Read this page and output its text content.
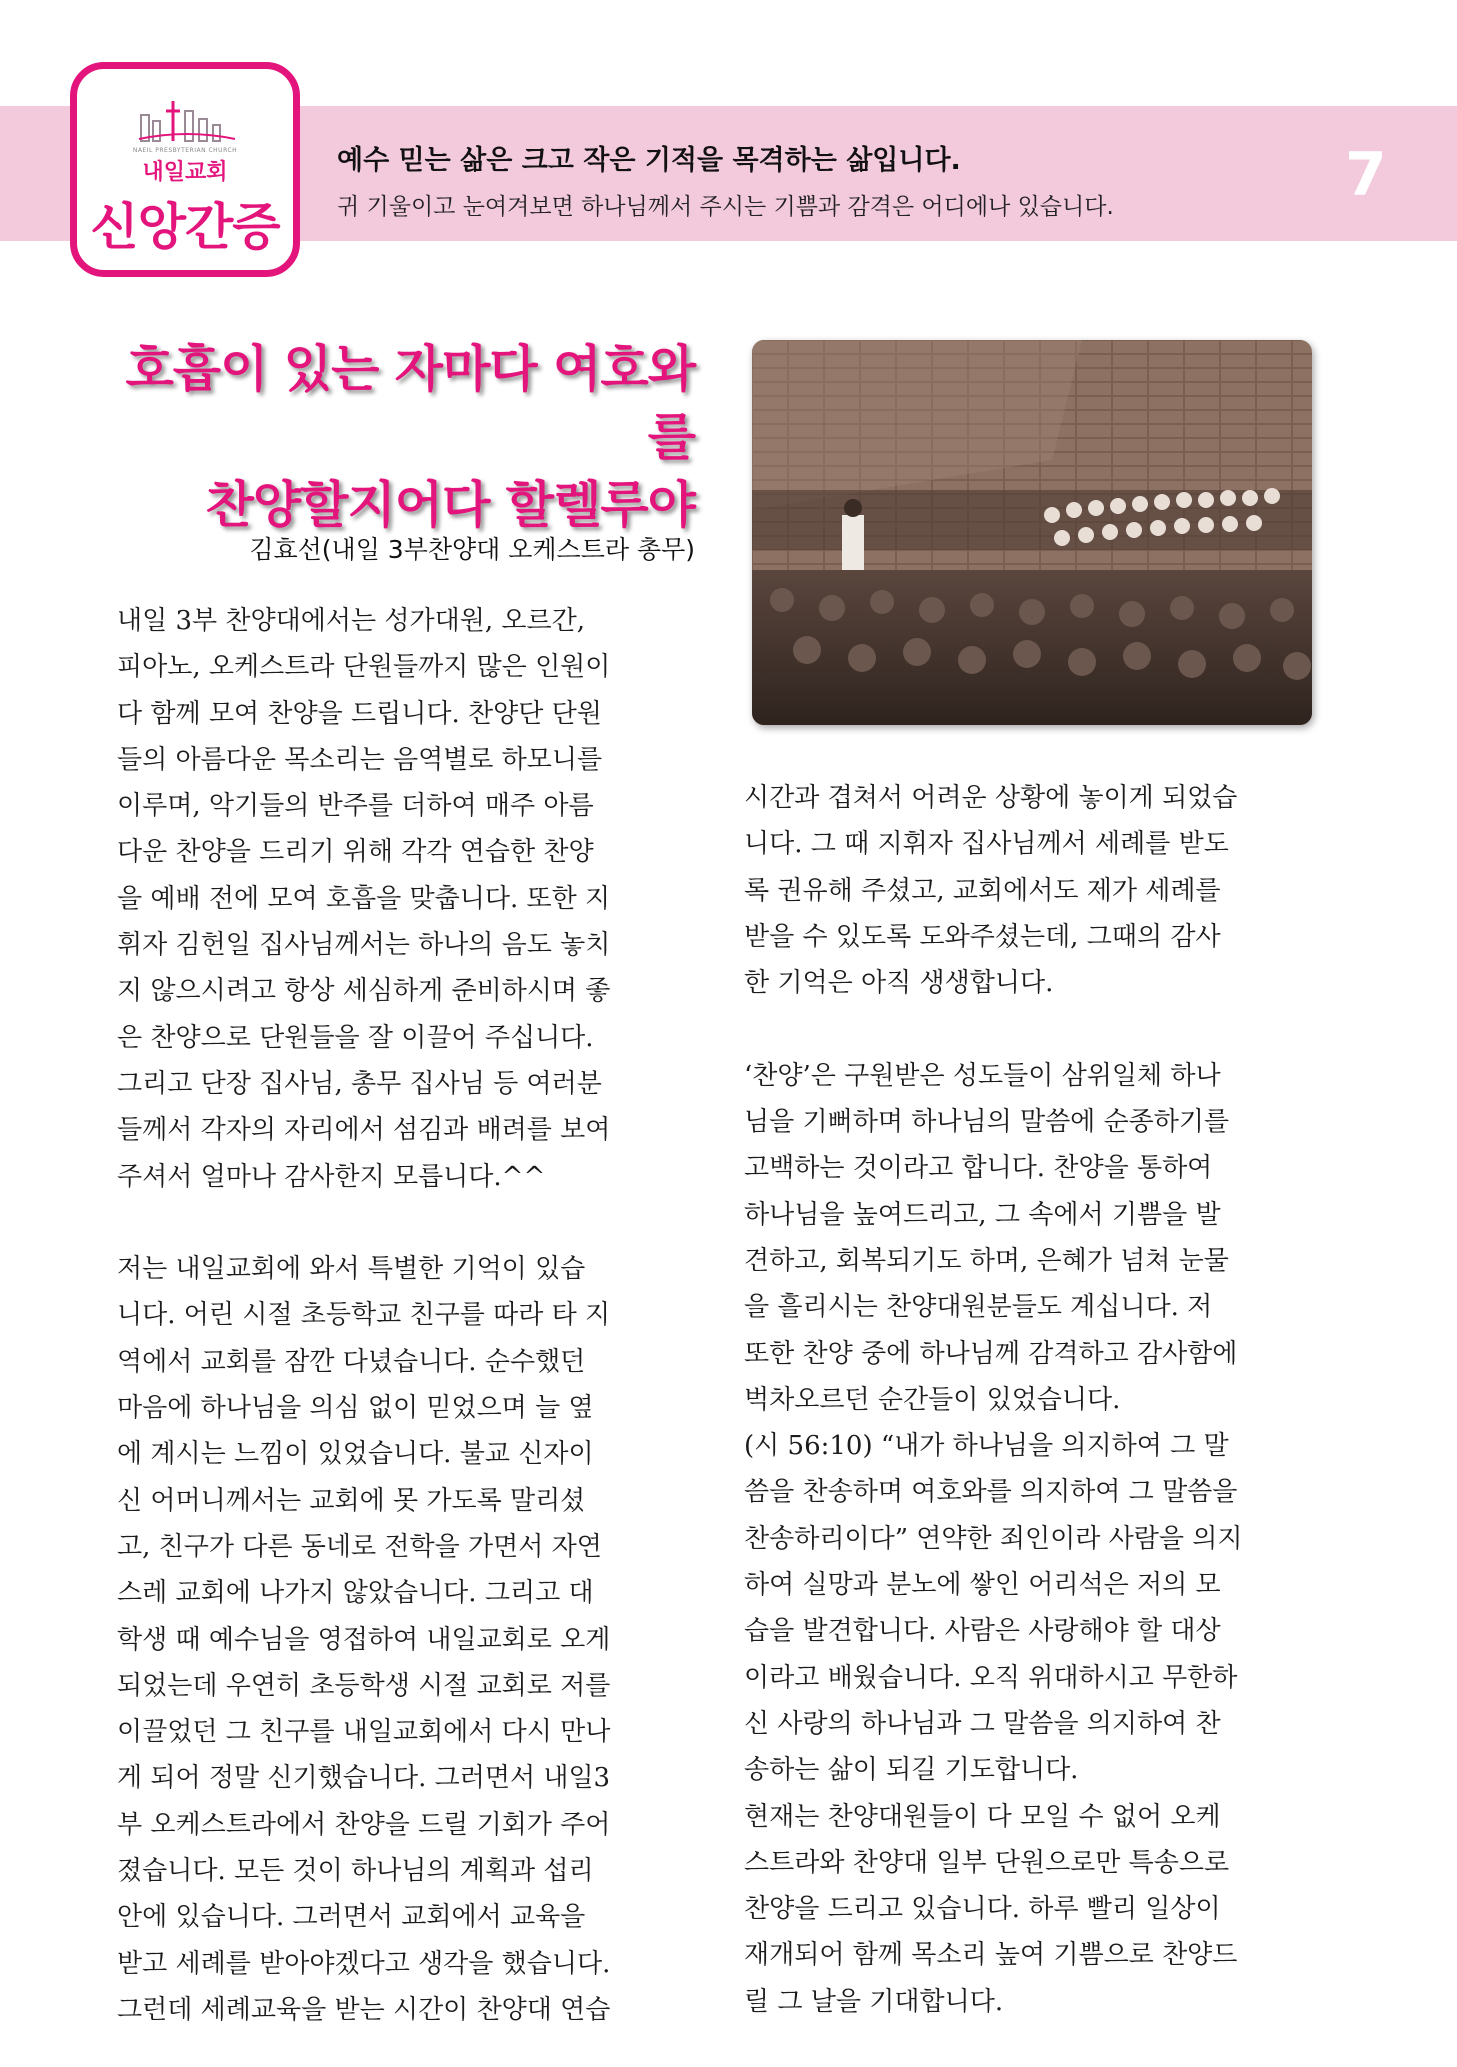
NAEIL PRESBYTERIAN CHURCH
내일교회
신앙간증
예수 믿는 삶은 크고 작은 기적을 목격하는 삶입니다.
귀 기울이고 눈여겨보면 하나님께서 주시는 기쁨과 감격은 어디에나 있습니다.	7
호흡이 있는 자마다 여호와를
찬양할지어다 할렐루야
김효선(내일 3부찬양대 오케스트라 총무)
내일 3부 찬양대에서는 성가대원, 오르간,
피아노, 오케스트라 단원들까지 많은 인원이
다 함께 모여 찬양을 드립니다. 찬양단 단원
들의 아름다운 목소리는 음역별로 하모니를
이루며, 악기들의 반주를 더하여 매주 아름
다운 찬양을 드리기 위해 각각 연습한 찬양
을 예배 전에 모여 호흡을 맞춥니다. 또한 지
휘자 김헌일 집사님께서는 하나의 음도 놓치
지 않으시려고 항상 세심하게 준비하시며 좋
은 찬양으로 단원들을 잘 이끌어 주십니다.
그리고 단장 집사님, 총무 집사님 등 여러분
들께서 각자의 자리에서 섬김과 배려를 보여
주셔서 얼마나 감사한지 모릅니다.^^
저는 내일교회에 와서 특별한 기억이 있습
니다. 어린 시절 초등학교 친구를 따라 타 지
역에서 교회를 잠깐 다녔습니다. 순수했던
마음에 하나님을 의심 없이 믿었으며 늘 옆
에 계시는 느낌이 있었습니다. 불교 신자이
신 어머니께서는 교회에 못 가도록 말리셨
고, 친구가 다른 동네로 전학을 가면서 자연
스레 교회에 나가지 않았습니다. 그리고 대
학생 때 예수님을 영접하여 내일교회로 오게
되었는데 우연히 초등학생 시절 교회로 저를
이끌었던 그 친구를 내일교회에서 다시 만나
게 되어 정말 신기했습니다. 그러면서 내일3
부 오케스트라에서 찬양을 드릴 기회가 주어
졌습니다. 모든 것이 하나님의 계획과 섭리
안에 있습니다. 그러면서 교회에서 교육을
받고 세례를 받아야겠다고 생각을 했습니다.
그런데 세례교육을 받는 시간이 찬양대 연습
시간과 겹쳐서 어려운 상황에 놓이게 되었습
니다. 그 때 지휘자 집사님께서 세례를 받도
록 권유해 주셨고, 교회에서도 제가 세례를
받을 수 있도록 도와주셨는데, 그때의 감사
한 기억은 아직 생생합니다.
‘찬양’은 구원받은 성도들이 삼위일체 하나
님을 기뻐하며 하나님의 말씀에 순종하기를
고백하는 것이라고 합니다. 찬양을 통하여
하나님을 높여드리고, 그 속에서 기쁨을 발
견하고, 회복되기도 하며, 은혜가 넘쳐 눈물
을 흘리시는 찬양대원분들도 계십니다. 저
또한 찬양 중에 하나님께 감격하고 감사함에
벅차오르던 순간들이 있었습니다.
(시 56:10) “내가 하나님을 의지하여 그 말
씀을 찬송하며 여호와를 의지하여 그 말씀을
찬송하리이다” 연약한 죄인이라 사람을 의지
하여 실망과 분노에 쌓인 어리석은 저의 모
습을 발견합니다. 사람은 사랑해야 할 대상
이라고 배웠습니다. 오직 위대하시고 무한하
신 사랑의 하나님과 그 말씀을 의지하여 찬
송하는 삶이 되길 기도합니다.
현재는 찬양대원들이 다 모일 수 없어 오케
스트라와 찬양대 일부 단원으로만 특송으로
찬양을 드리고 있습니다. 하루 빨리 일상이
재개되어 함께 목소리 높여 기쁨으로 찬양드
릴 그 날을 기대합니다.
